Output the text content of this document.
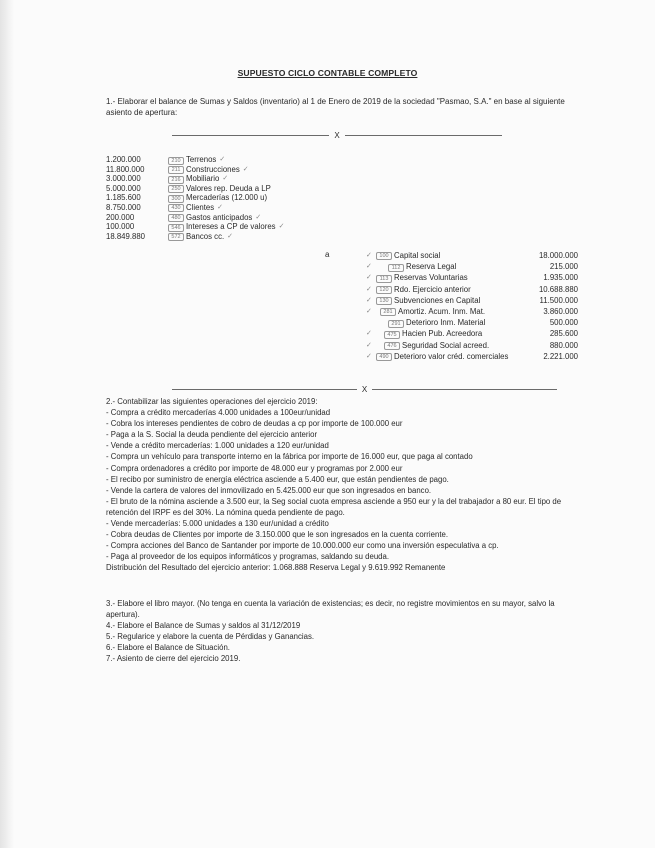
SUPUESTO CICLO CONTABLE COMPLETO
1.- Elaborar el balance de Sumas y Saldos (inventario) al 1 de Enero de 2019 de la sociedad "Pasmao, S.A." en base al siguiente asiento de apertura:
X
1.200.000	210 Terrenos ✓
11.800.000	211 Construcciones ✓
3.000.000	216 Mobiliario ✓
5.000.000	250 Valores rep. Deuda a LP
1.185.600	300 Mercaderías (12.000 u)
8.750.000	430 Clientes ✓
200.000	480 Gastos anticipados ✓
100.000	546 Intereses a CP de valores ✓
18.849.880	572 Bancos cc. ✓
a	✓	100 Capital social	18.000.000
✓	112 Reserva Legal	215.000
✓	113 Reservas Voluntarias	1.935.000
✓	120 Rdo. Ejercicio anterior	10.688.880
✓	130 Subvenciones en Capital	11.500.000
✓	281 Amortiz. Acum. Inm. Mat.	3.860.000
291 Deterioro Inm. Material	500.000
✓	475 Hacien Pub. Acreedora	285.600
✓	476 Seguridad Social acreed.	880.000
✓	490 Deterioro valor créd. comerciales	2.221.000
X
2.- Contabilizar las siguientes operaciones del ejercicio 2019:
- Compra a crédito mercaderías 4.000 unidades a 100eur/unidad
- Cobra los intereses pendientes de cobro de deudas a cp por importe de 100.000 eur
- Paga a la S. Social la deuda pendiente del ejercicio anterior
- Vende a crédito mercaderías: 1.000 unidades a 120 eur/unidad
- Compra un vehículo para transporte interno en la fábrica por importe de 16.000 eur, que paga al contado
- Compra ordenadores a crédito por importe de 48.000 eur y programas por 2.000 eur
- El recibo por suministro de energía eléctrica asciende a 5.400 eur, que están pendientes de pago.
- Vende la cartera de valores del inmovilizado en 5.425.000 eur que son ingresados en banco.
- El bruto de la nómina asciende a 3.500 eur, la Seg social cuota empresa asciende a 950 eur y la del trabajador a 80 eur. El tipo de retención del IRPF es del 30%. La nómina queda pendiente de pago.
- Vende mercaderías: 5.000 unidades a 130 eur/unidad a crédito
- Cobra deudas de Clientes por importe de 3.150.000 que le son ingresados en la cuenta corriente.
- Compra acciones del Banco de Santander por importe de 10.000.000 eur como una inversión especulativa a cp.
- Paga al proveedor de los equipos informáticos y programas, saldando su deuda.
Distribución del Resultado del ejercicio anterior: 1.068.888 Reserva Legal y 9.619.992 Remanente
3.- Elabore el libro mayor. (No tenga en cuenta la variación de existencias; es decir, no registre movimientos en su mayor, salvo la apertura).
4.- Elabore el Balance de Sumas y saldos al 31/12/2019
5.- Regularice y elabore la cuenta de Pérdidas y Ganancias.
6.- Elabore el Balance de Situación.
7.- Asiento de cierre del ejercicio 2019.
